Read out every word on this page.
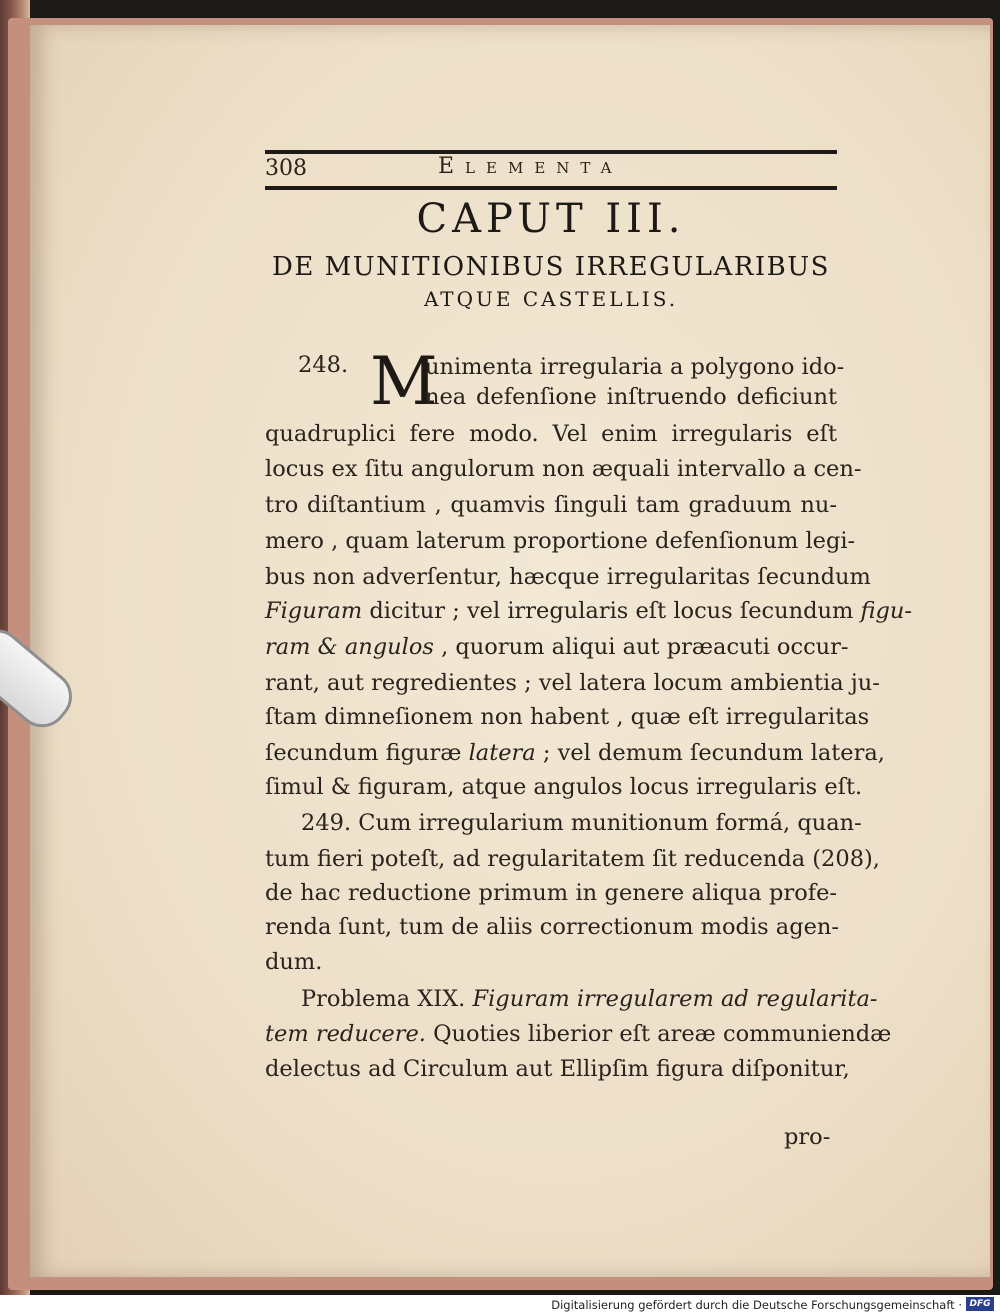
308	Elementa
CAPUT III.
DE MUNITIONIBUS IRREGULARIBUS
ATQUE CASTELLIS.
248. M
unimenta irregularia a polygono ido-
nea defenſione inſtruendo deficiunt
quadruplici fere modo. Vel enim irregularis eſt
locus ex ſitu angulorum non æquali intervallo a cen-
tro diſtantium , quamvis ſinguli tam graduum nu-
mero , quam laterum proportione defenſionum legi-
bus non adverſentur, hæcque irregularitas ſecundum
Figuram dicitur ; vel irregularis eſt locus ſecundum figu-
ram & angulos , quorum aliqui aut præacuti occur-
rant, aut regredientes ; vel latera locum ambientia ju-
ſtam dimneſionem non habent , quæ eſt irregularitas
ſecundum figuræ latera ; vel demum ſecundum latera,
ſimul & figuram, atque angulos locus irregularis eſt.
249. Cum irregularium munitionum formá, quan-
tum fieri poteſt, ad regularitatem ſit reducenda (208),
de hac reductione primum in genere aliqua profe-
renda ſunt, tum de aliis correctionum modis agen-
dum.
Problema XIX. Figuram irregularem ad regularita-
tem reducere. Quoties liberior eſt areæ communiendæ
delectus ad Circulum aut Ellipſim figura diſponitur,
pro-
Digitalisierung gefördert durch die Deutsche Forschungsgemeinschaft · DFG
